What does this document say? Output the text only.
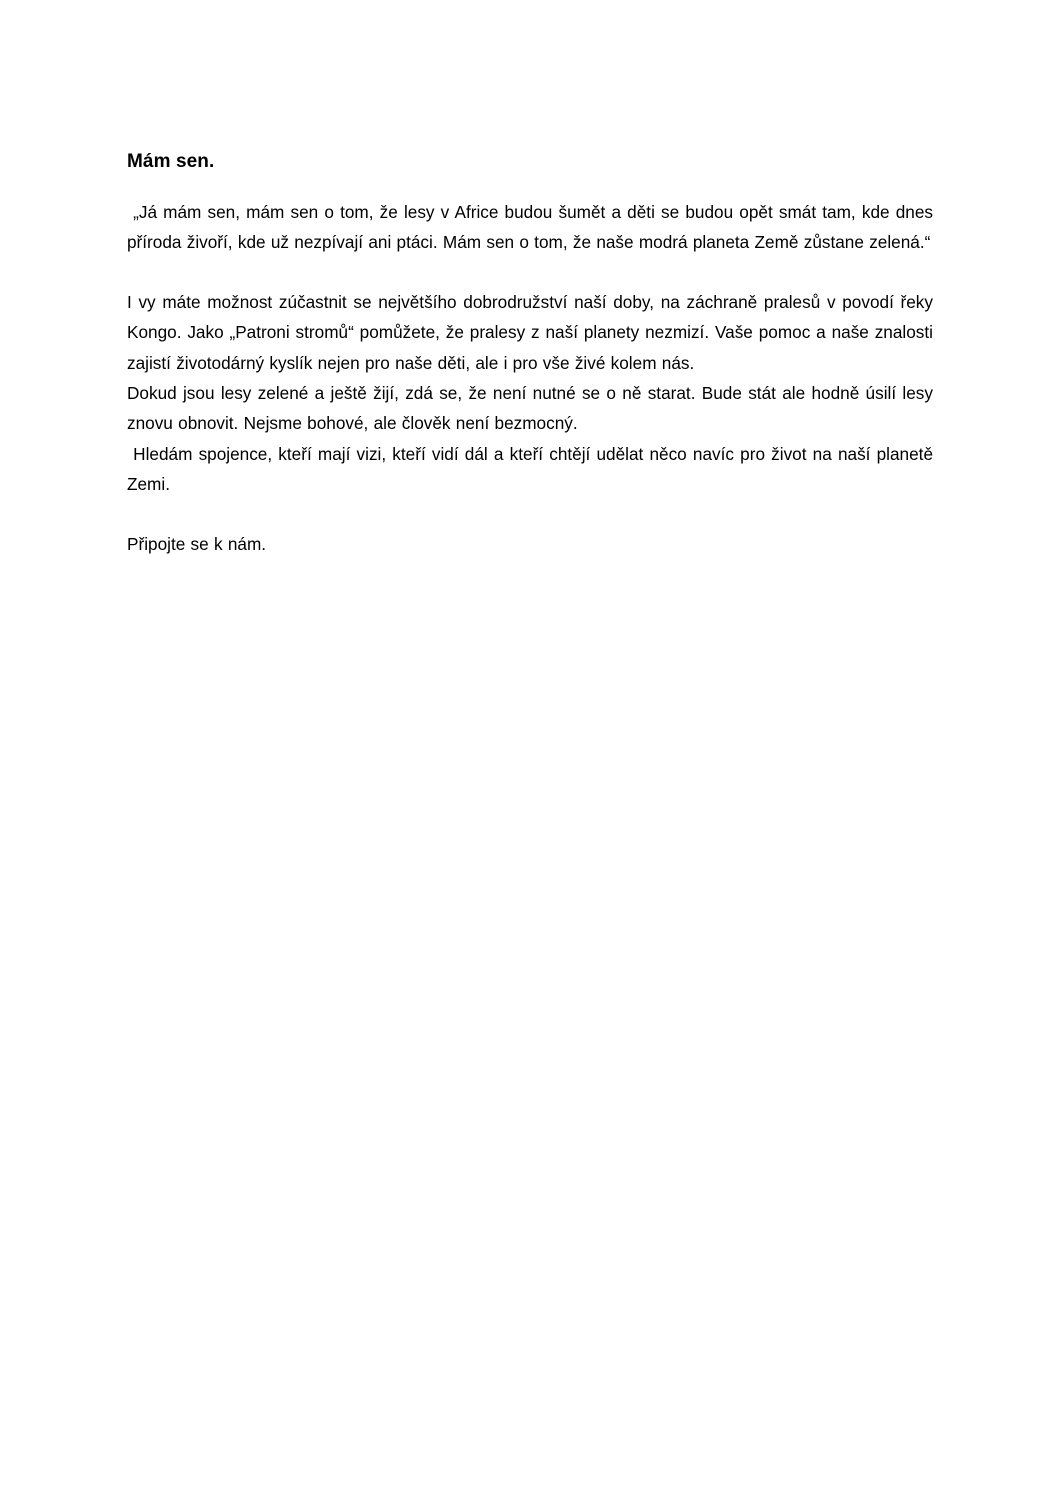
Mám sen.

„Já mám sen, mám sen o tom, že lesy v Africe budou šumět a děti se budou opět smát tam, kde dnes příroda živoří, kde už nezpívají ani ptáci. Mám sen o tom, že naše modrá planeta Země zůstane zelená.“

I vy máte možnost zúčastnit se největšího dobrodružství naší doby, na záchraně pralesů v povodí řeky Kongo. Jako „Patroni stromů“ pomůžete, že pralesy z naší planety nezmizí. Vaše pomoc a naše znalosti zajistí životodárný kyslík nejen pro naše děti, ale i pro vše živé kolem nás.

Dokud jsou lesy zelené a ještě žijí, zdá se, že není nutné se o ně starat. Bude stát ale hodně úsilí lesy znovu obnovit. Nejsme bohové, ale člověk není bezmocný.

Hledám spojence, kteří mají vizi, kteří vidí dál a kteří chtějí udělat něco navíc pro život na naší planetě Zemi.

Připojte se k nám.
